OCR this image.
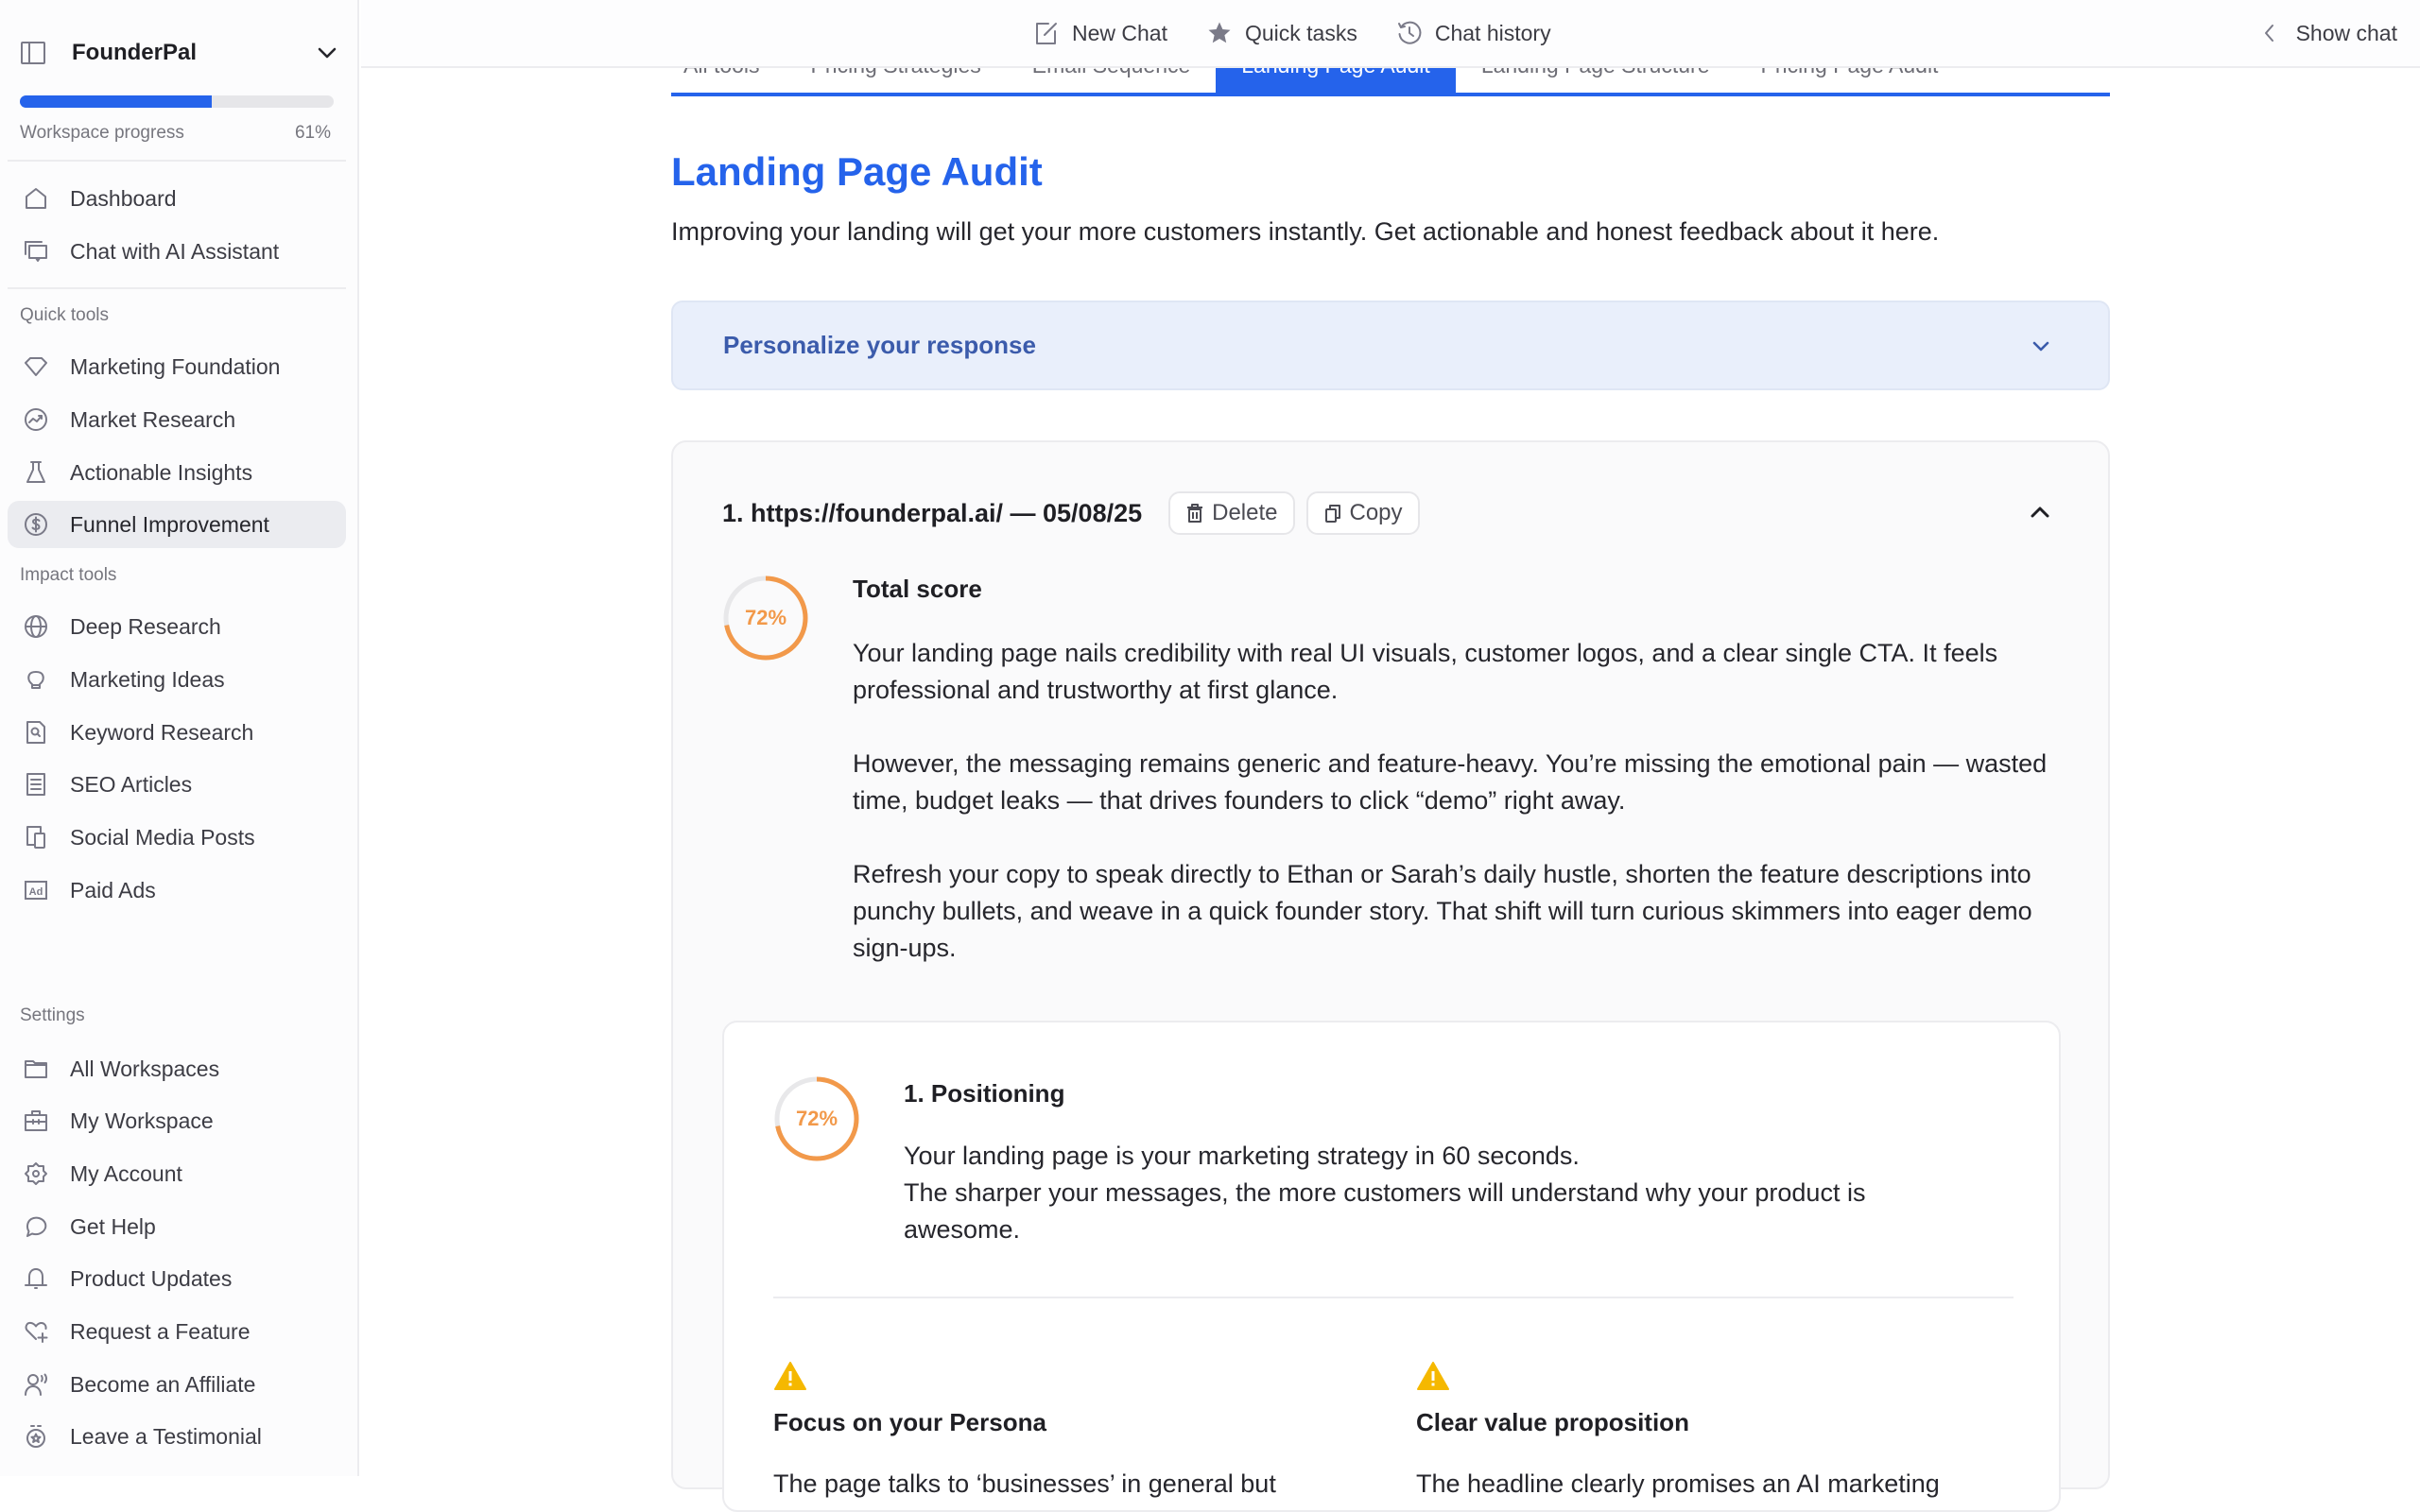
FounderPal
Workspace progress	61%
Dashboard
Chat with AI Assistant
Quick tools
Marketing Foundation
Market Research
Actionable Insights
Funnel Improvement
Impact tools
Deep Research
Marketing Ideas
Keyword Research
SEO Articles
Social Media Posts
Ad Paid Ads
Settings
All Workspaces
My Workspace
My Account
Get Help
Product Updates
Request a Feature
Become an Affiliate
Leave a Testimonial
New Chat	Quick tasks	Chat history	Show chat
Landing Page Audit

Improving your landing will get your more customers instantly. Get actionable and honest feedback about it here.

Personalize your response
1. https://founderpal.ai/ — 05/08/25	Delete	Copy
72%
Total score

Your landing page nails credibility with real UI visuals, customer logos, and a clear single CTA. It feels professional and trustworthy at first glance.

However, the messaging remains generic and feature-heavy. You’re missing the emotional pain — wasted time, budget leaks — that drives founders to click “demo” right away.

Refresh your copy to speak directly to Ethan or Sarah’s daily hustle, shorten the feature descriptions into punchy bullets, and weave in a quick founder story. That shift will turn curious skimmers into eager demo sign-ups.

72%
1. Positioning
Your landing page is your marketing strategy in 60 seconds.
The sharper your messages, the more customers will understand why your product is awesome.
Focus on your Persona
The page talks to ‘businesses’ in general but
Clear value proposition
The headline clearly promises an AI marketing
